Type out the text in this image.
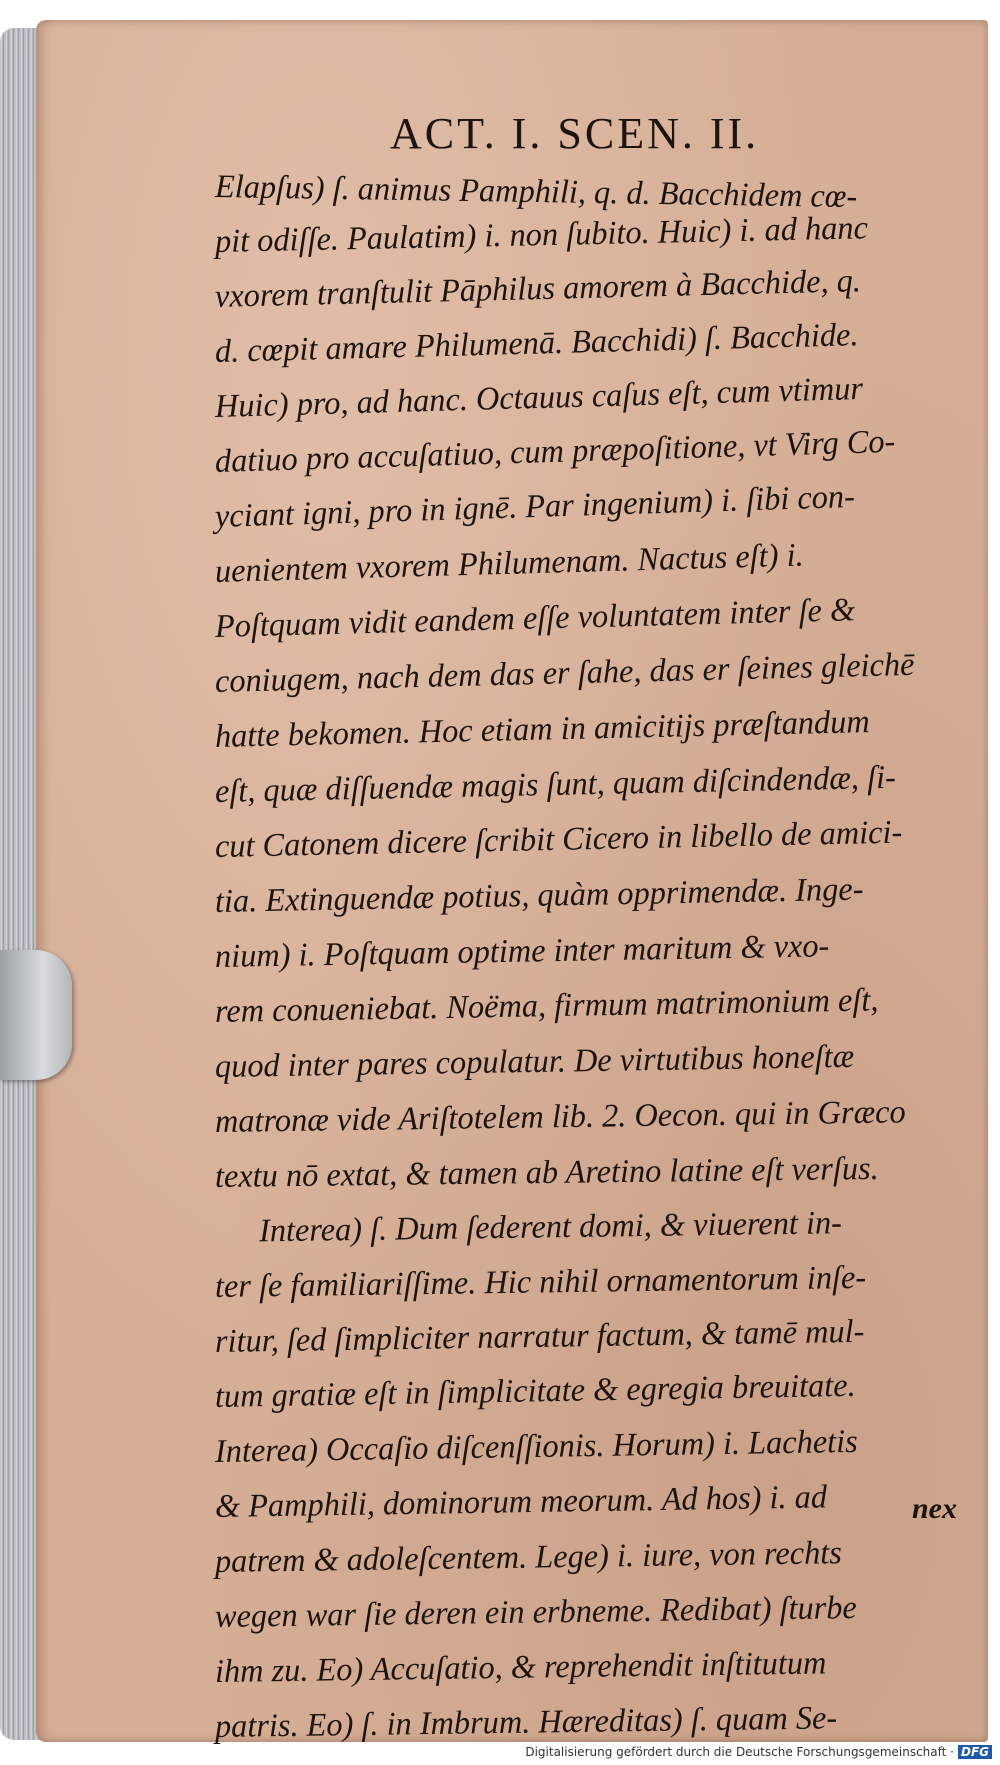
ACT. I. SCEN. II.
Elapſus) ſ. animus Pamphili, q. d. Bacchidem cœ-
pit odiſſe. Paulatim) i. non ſubito. Huic) i. ad hanc
vxorem tranſtulit Pāphilus amorem à Bacchide, q.
d. cœpit amare Philumenā. Bacchidi) ſ. Bacchide.
Huic) pro, ad hanc. Octauus caſus eſt, cum vtimur
datiuo pro accuſatiuo, cum præpoſitione, vt Virg Co-
yciant igni, pro in ignē. Par ingenium) i. ſibi con-
uenientem vxorem Philumenam. Nactus eſt) i.
Poſtquam vidit eandem eſſe voluntatem inter ſe &
coniugem, nach dem das er ſahe, das er ſeines gleichē
hatte bekomen. Hoc etiam in amicitijs præſtandum
eſt, quæ diſſuendæ magis ſunt, quam diſcindendæ, ſi-
cut Catonem dicere ſcribit Cicero in libello de amici-
tia. Extinguendæ potius, quàm opprimendæ. Inge-
nium) i. Poſtquam optime inter maritum & vxo-
rem conueniebat. Noëma, firmum matrimonium eſt,
quod inter pares copulatur. De virtutibus honeſtæ
matronæ vide Ariſtotelem lib. 2. Oecon. qui in Græco
textu nō extat, & tamen ab Aretino latine eſt verſus.
Interea) ſ. Dum ſederent domi, & viuerent in-
ter ſe familiariſſime. Hic nihil ornamentorum inſe-
ritur, ſed ſimpliciter narratur factum, & tamē mul-
tum gratiæ eſt in ſimplicitate & egregia breuitate.
Interea) Occaſio diſcenſſionis. Horum) i. Lachetis
& Pamphili, dominorum meorum. Ad hos) i. ad
patrem & adoleſcentem. Lege) i. iure, von rechts
wegen war ſie deren ein erbneme. Redibat) ſturbe
ihm zu. Eo) Accuſatio, & reprehendit inſtitutum
patris. Eo) ſ. in Imbrum. Hæreditas) ſ. quam Se-
nex
Digitalisierung gefördert durch die Deutsche Forschungsgemeinschaft · DFG
